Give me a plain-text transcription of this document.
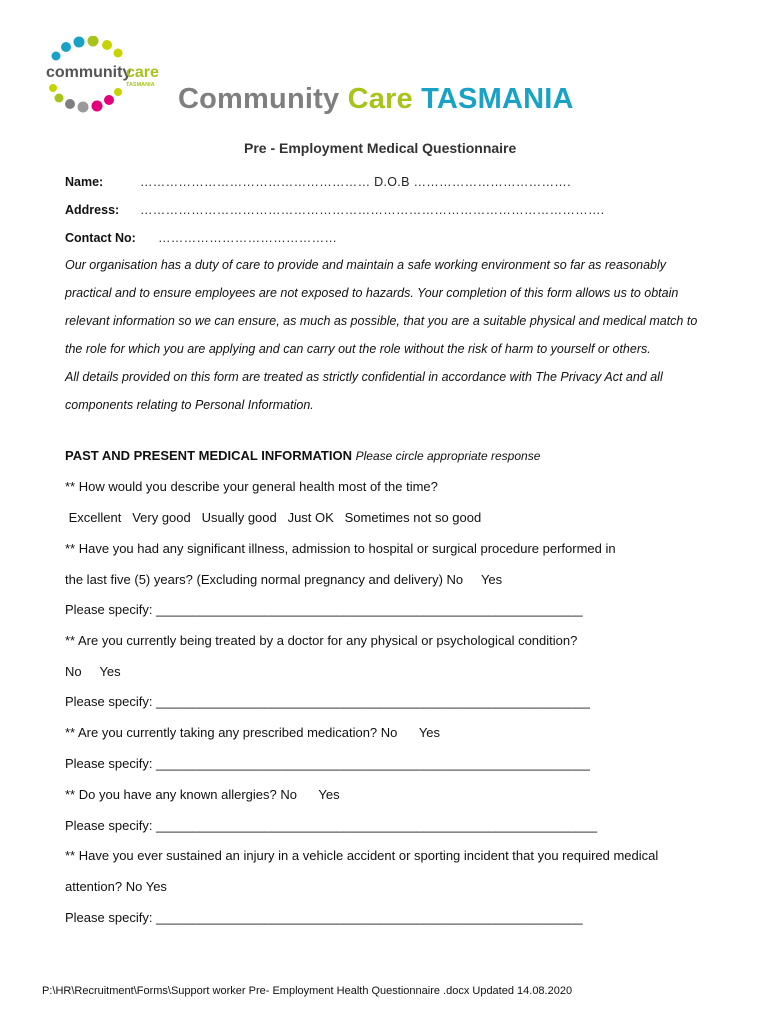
community
care
TASMANIA Community Care TASMANIA
Pre - Employment Medical Questionnaire
Name:	……………………………………………… D.O.B ……………………………….
Address: ……………………………………………………………………………………………….
Contact No: ……………………………………
Our organisation has a duty of care to provide and maintain a safe working environment so far as reasonably
practical and to ensure employees are not exposed to hazards. Your completion of this form allows us to obtain
relevant information so we can ensure, as much as possible, that you are a suitable physical and medical match to
the role for which you are applying and can carry out the role without the risk of harm to yourself or others.
All details provided on this form are treated as strictly confidential in accordance with The Privacy Act and all
components relating to Personal Information.
PAST AND PRESENT MEDICAL INFORMATION Please circle appropriate response
** How would you describe your general health most of the time?
Excellent   Very good   Usually good   Just OK   Sometimes not so good
** Have you had any significant illness, admission to hospital or surgical procedure performed in
the last five (5) years? (Excluding normal pregnancy and delivery) No     Yes
Please specify: ___________________________________________________________
** Are you currently being treated by a doctor for any physical or psychological condition?
No     Yes
Please specify: ____________________________________________________________
** Are you currently taking any prescribed medication? No      Yes
Please specify: ____________________________________________________________
** Do you have any known allergies? No      Yes
Please specify: _____________________________________________________________
** Have you ever sustained an injury in a vehicle accident or sporting incident that you required medical
attention? No Yes
Please specify: ___________________________________________________________
P:\HR\Recruitment\Forms\Support worker Pre- Employment Health Questionnaire .docx Updated 14.08.2020
